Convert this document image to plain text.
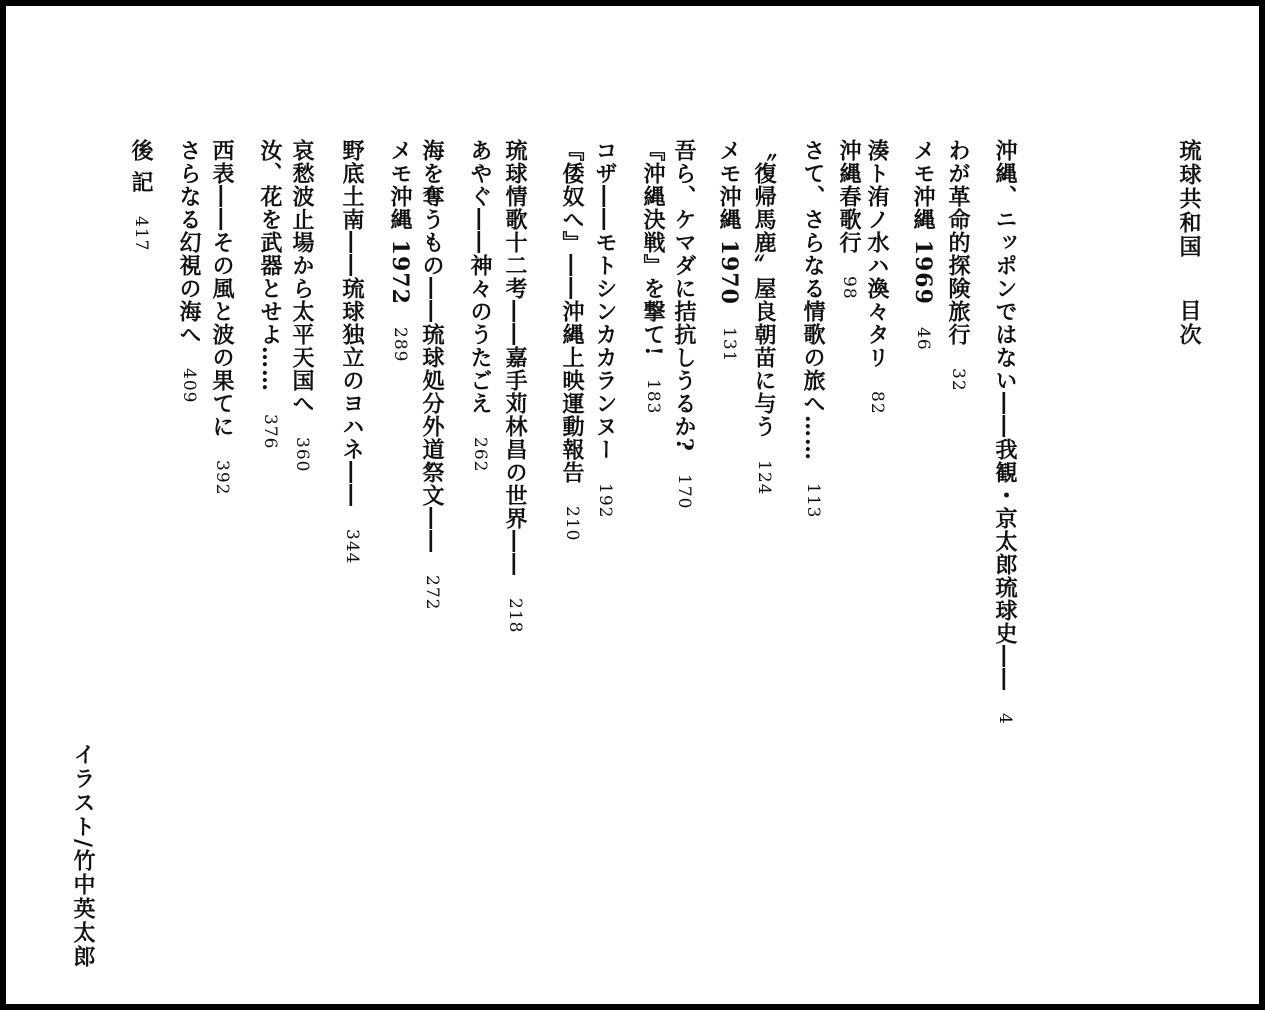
琉球共和国目次
沖縄、ニッポンではない――我観・京太郎琉球史――4
わが革命的探険旅行32
メモ沖縄 196946
沖縄春歌行98 湊ト洧ノ水ハ渙々タリ82
さて、さらなる情歌の旅へ……113
〝復帰馬鹿〟屋良朝苗に与う124
メモ沖縄 1970131
『沖縄決戦』を撃て!183 吾ら、ケマダに拮抗しうるか?170
『倭奴へ』――沖縄上映運動報告210
コザ――モトシンカカランヌー192
琉球情歌十二考――嘉手苅林昌の世界――218
あやぐ――神々のうたごえ262
海を奪うもの――琉球処分外道祭文――272
メモ沖縄 1972289
野底土南――琉球独立のヨハネ――344
哀愁波止場から太平天国へ360
汝、花を武器とせよ……376
西表――その風と波の果てに392
さらなる幻視の海へ409
後 記417
イラスト/竹中英太郎
